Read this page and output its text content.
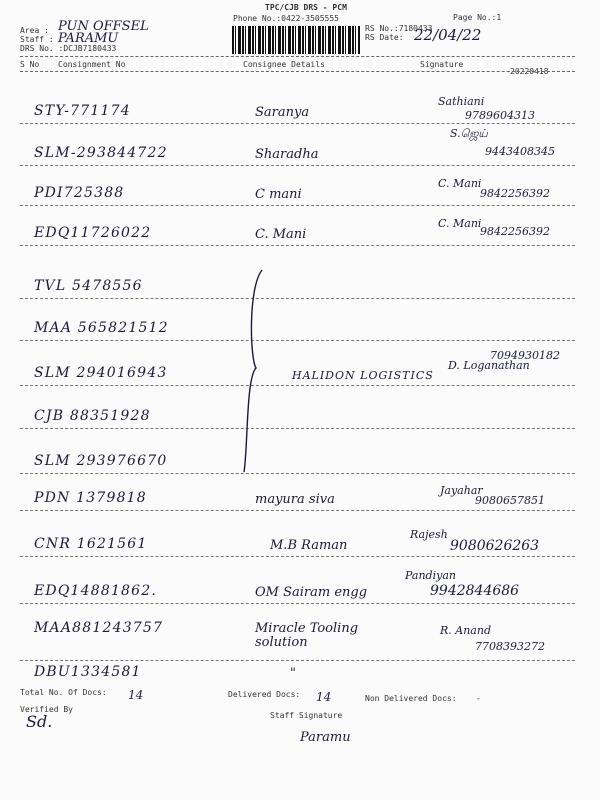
TPC/CJB DRS - PCM
Phone No.:0422-3505555	Page No.:1
Area :
Staff :
DRS No. :DCJB7180433
PUN OFFSEL
PARAMU
RS No.:7180433
RS Date: 22/04/22
S No Consignment No	Consignee Details	Signature
20220418
STY-771174	Saranya
Sathiani
9789604313
SLM-293844722	Sharadha
S.ஜெய்
9443408345
PDI725388	C mani
C. Mani
9842256392
EDQ11726022	C. Mani
C. Mani
9842256392
TVL 5478556
MAA 565821512
SLM 294016943	HALIDON LOGISTICS
D. Loganathan
7094930182
CJB 88351928
SLM 293976670
PDN 1379818	mayura siva
Jayahar
9080657851
CNR 1621561	M.B Raman
Rajesh
9080626263
EDQ14881862.	OM Sairam engg
Pandiyan
9942844686
MAA881243757	Miracle Tooling solution
R. Anand
7708393272
DBU1334581	"
Total No. Of Docs: 14	Delivered Docs: 14	Non Delivered Docs: -
Verified By
Sd.	Staff Signature
Paramu
